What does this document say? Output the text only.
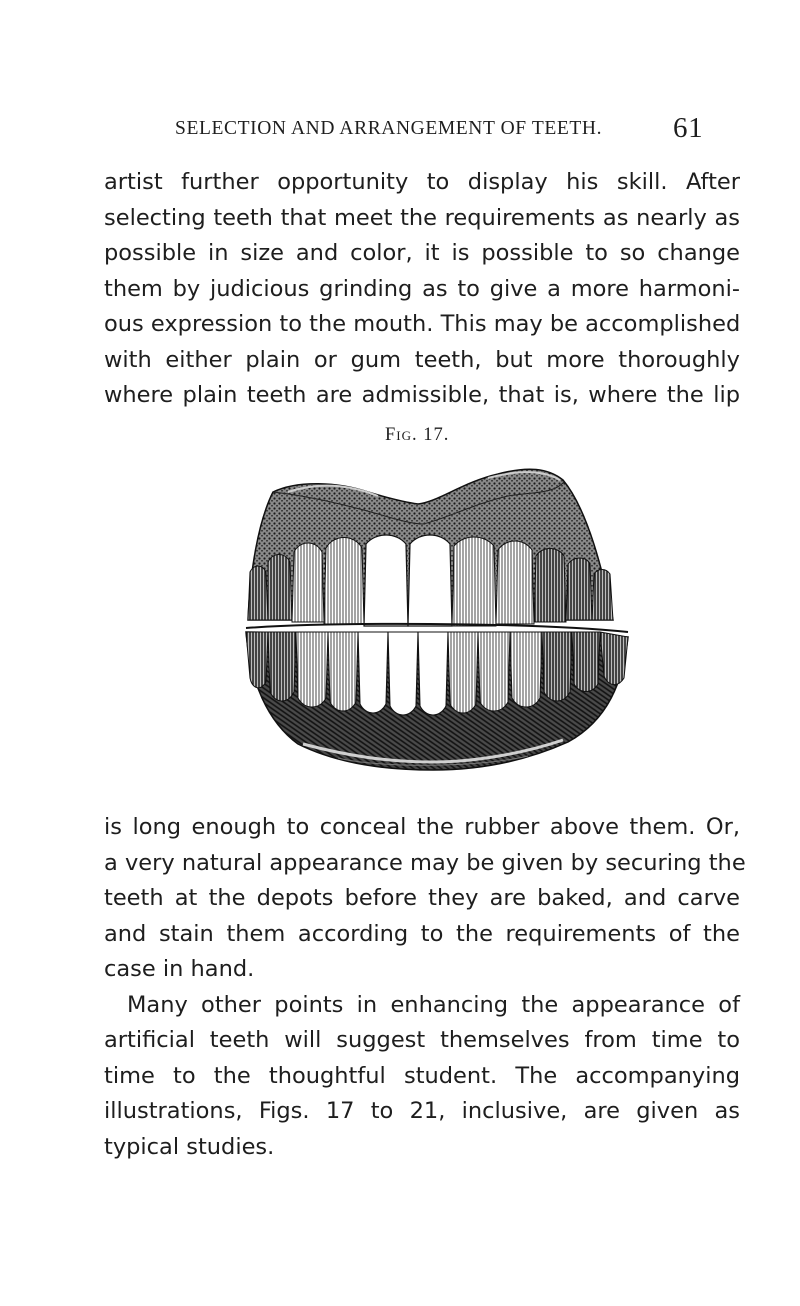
SELECTION AND ARRANGEMENT OF TEETH. 61

artist further opportunity to display his skill. After
selecting teeth that meet the requirements as nearly as
possible in size and color, it is possible to so change
them by judicious grinding as to give a more harmoni-
ous expression to the mouth. This may be accomplished
with either plain or gum teeth, but more thoroughly
where plain teeth are admissible, that is, where the lip

Fig. 17.

is long enough to conceal the rubber above them. Or,
a very natural appearance may be given by securing the
teeth at the depots before they are baked, and carve
and stain them according to the requirements of the
case in hand.
Many other points in enhancing the appearance of
artificial teeth will suggest themselves from time to
time to the thoughtful student. The accompanying
illustrations, Figs. 17 to 21, inclusive, are given as
typical studies.
